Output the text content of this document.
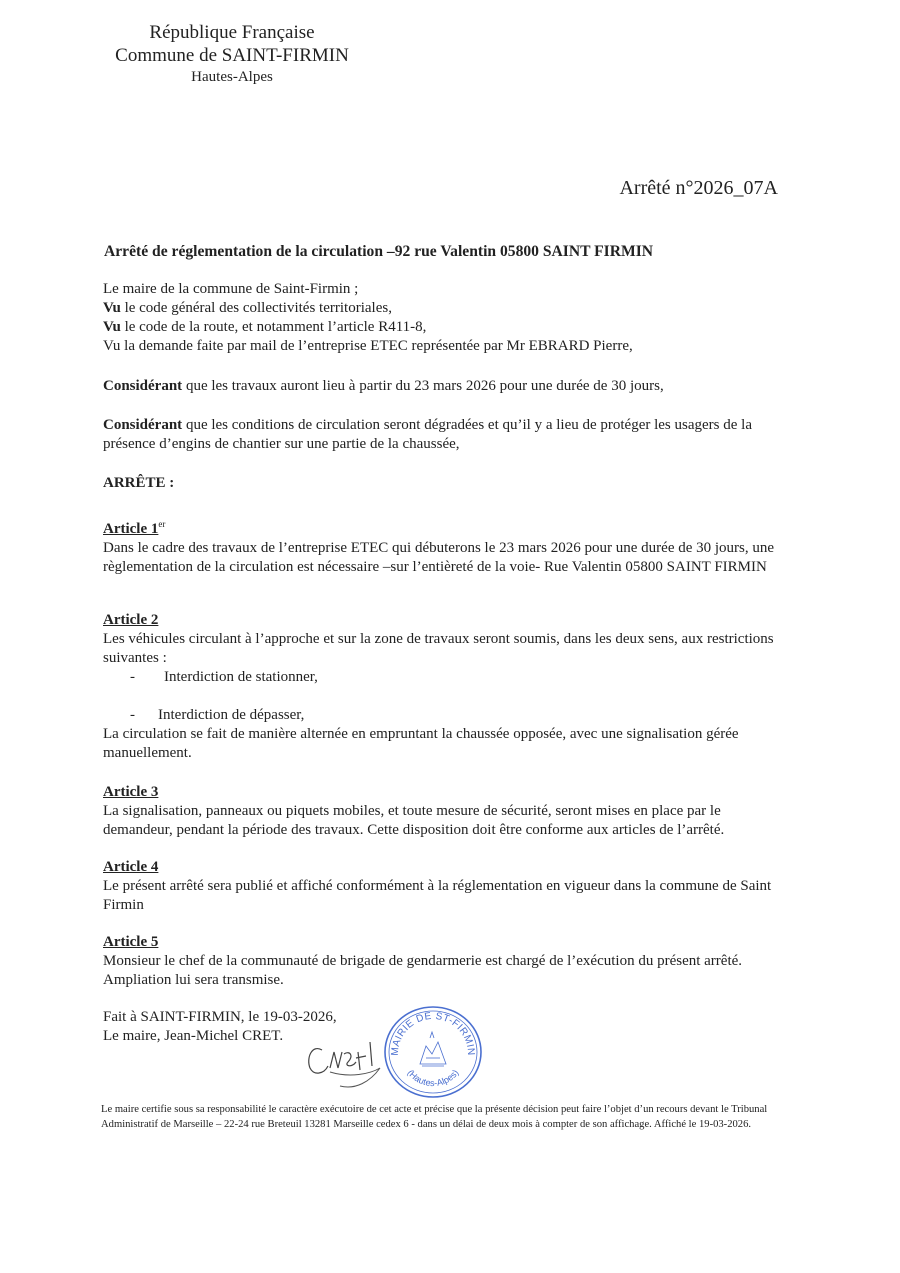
République Française
Commune de SAINT-FIRMIN
Hautes-Alpes
Arrêté n°2026_07A
Arrêté de réglementation de la circulation –92 rue Valentin 05800 SAINT FIRMIN
Le maire de la commune de Saint-Firmin ;
Vu le code général des collectivités territoriales,
Vu le code de la route, et notamment l’article R411-8,
Vu la demande faite par mail de l’entreprise ETEC représentée par Mr EBRARD Pierre,
Considérant que les travaux auront lieu à partir du 23 mars 2026 pour une durée de 30 jours,
Considérant que les conditions de circulation seront dégradées et qu’il y a lieu de protéger les usagers de la présence d’engins de chantier sur une partie de la chaussée,
ARRÊTE :
Article 1er
Dans le cadre des travaux de l’entreprise ETEC qui débuterons le 23 mars 2026 pour une durée de 30 jours, une règlementation de la circulation est nécessaire –sur l’entièreté de la voie- Rue Valentin 05800 SAINT FIRMIN
Article 2
Les véhicules circulant à l’approche et sur la zone de travaux seront soumis, dans les deux sens, aux restrictions suivantes :
- Interdiction de stationner,
- Interdiction de dépasser,
La circulation se fait de manière alternée en empruntant la chaussée opposée, avec une signalisation gérée manuellement.
Article 3
La signalisation, panneaux ou piquets mobiles, et toute mesure de sécurité, seront mises en place par le demandeur, pendant la période des travaux. Cette disposition doit être conforme aux articles de l’arrêté.
Article 4
Le présent arrêté sera publié et affiché conformément à la réglementation en vigueur dans la commune de Saint Firmin
Article 5
Monsieur le chef de la communauté de brigade de gendarmerie est chargé de l’exécution du présent arrêté. Ampliation lui sera transmise.
Fait à SAINT-FIRMIN, le 19-03-2026,
Le maire, Jean-Michel CRET.
MAIRIE DE ST-FIRMIN
(Hautes-Alpes)
Le maire certifie sous sa responsabilité le caractère exécutoire de cet acte et précise que la présente décision peut faire l’objet d’un recours devant le Tribunal Administratif de Marseille – 22-24 rue Breteuil 13281 Marseille cedex 6 - dans un délai de deux mois à compter de son affichage. Affiché le 19-03-2026.
